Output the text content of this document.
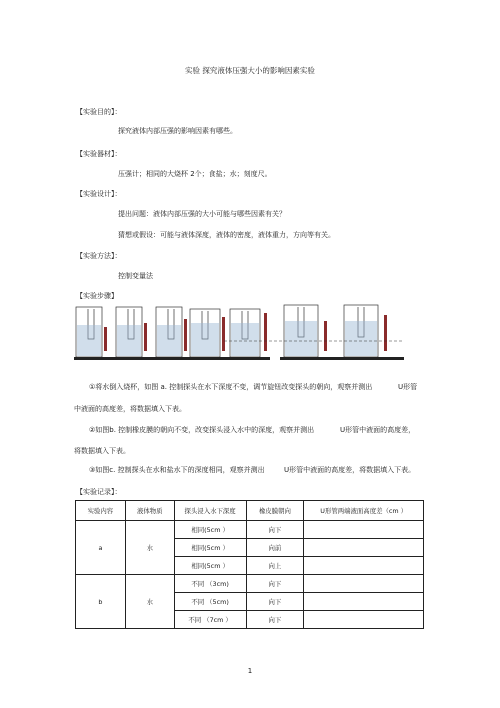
实验 探究液体压强大小的影响因素实验
【实验目的】：
探究液体内部压强的影响因素有哪些。
【实验器材】：
压强计；相同的大烧杯 2个；食盐；水；刻度尺。
【实验设计】：
提出问题：液体内部压强的大小可能与哪些因素有关？
猜想或假设：可能与液体深度，液体的密度，液体重力，方向等有关。
【实验方法】：
控制变量法
【实验步骤】
①将水倒入烧杯，如图 a. 控制探头在水下深度不变，调节旋钮改变探头的朝向，观察并测出	U形管
中液面的高度差，将数据填入下表。
②如图b. 控制橡皮膜的朝向不变，改变探头浸入水中的深度，观察并测出	U形管中液面的高度差，
将数据填入下表。
③如图c. 控制探头在水和盐水下的深度相同，观察并测出	U形管中液面的高度差，将数据填入下表。
【实验记录】：
实验内容	液体物质	探头浸入水下深度	橡皮膜朝向	U形管两端液面高度差（cm ）
a	水	相同(5cm ）	向下	
		相同(5cm ）	向前	
		相同(5cm ）	向上	
b	水	不同 （3cm)	向下	
		不同 （5cm)	向下	
		不同 （7cm ）	向下	
1
